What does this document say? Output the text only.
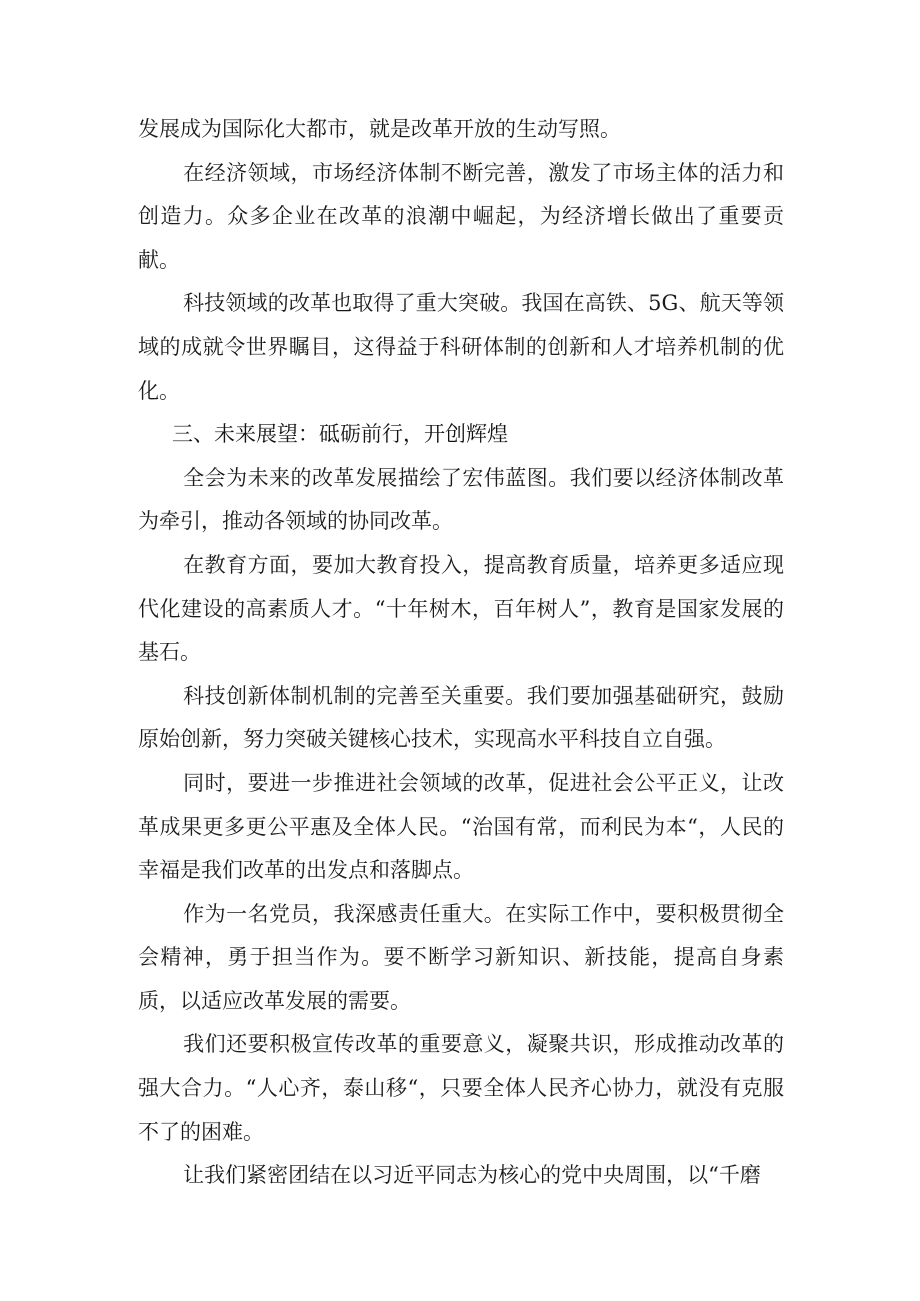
发展成为国际化大都市，就是改革开放的生动写照。

在经济领域，市场经济体制不断完善，激发了市场主体的活力和创造力。众多企业在改革的浪潮中崛起，为经济增长做出了重要贡献。

科技领域的改革也取得了重大突破。我国在高铁、5G、航天等领域的成就令世界瞩目，这得益于科研体制的创新和人才培养机制的优化。

三、未来展望：砥砺前行，开创辉煌

全会为未来的改革发展描绘了宏伟蓝图。我们要以经济体制改革为牵引，推动各领域的协同改革。

在教育方面，要加大教育投入，提高教育质量，培养更多适应现代化建设的高素质人才。“十年树木，百年树人”，教育是国家发展的基石。

科技创新体制机制的完善至关重要。我们要加强基础研究，鼓励原始创新，努力突破关键核心技术，实现高水平科技自立自强。

同时，要进一步推进社会领域的改革，促进社会公平正义，让改革成果更多更公平惠及全体人民。“治国有常，而利民为本“，人民的幸福是我们改革的出发点和落脚点。

作为一名党员，我深感责任重大。在实际工作中，要积极贯彻全会精神，勇于担当作为。要不断学习新知识、新技能，提高自身素质，以适应改革发展的需要。

我们还要积极宣传改革的重要意义，凝聚共识，形成推动改革的强大合力。“人心齐，泰山移“，只要全体人民齐心协力，就没有克服不了的困难。

让我们紧密团结在以习近平同志为核心的党中央周围，以“千磨
